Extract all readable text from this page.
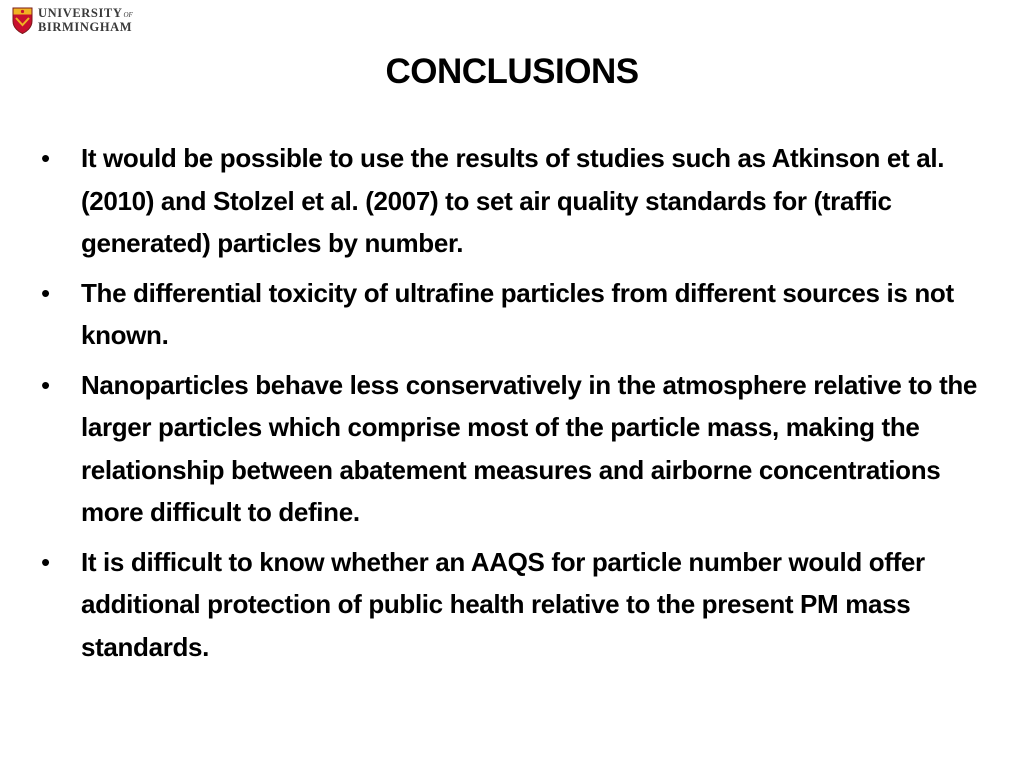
UNIVERSITY OF
BIRMINGHAM
CONCLUSIONS
• It would be possible to use the results of studies such as Atkinson et al. (2010) and Stolzel et al. (2007) to set air quality standards for (traffic generated) particles by number.
• The differential toxicity of ultrafine particles from different sources is not known.
• Nanoparticles behave less conservatively in the atmosphere relative to the larger particles which comprise most of the particle mass, making the relationship between abatement measures and airborne concentrations more difficult to define.
• It is difficult to know whether an AAQS for particle number would offer additional protection of public health relative to the present PM mass standards.
